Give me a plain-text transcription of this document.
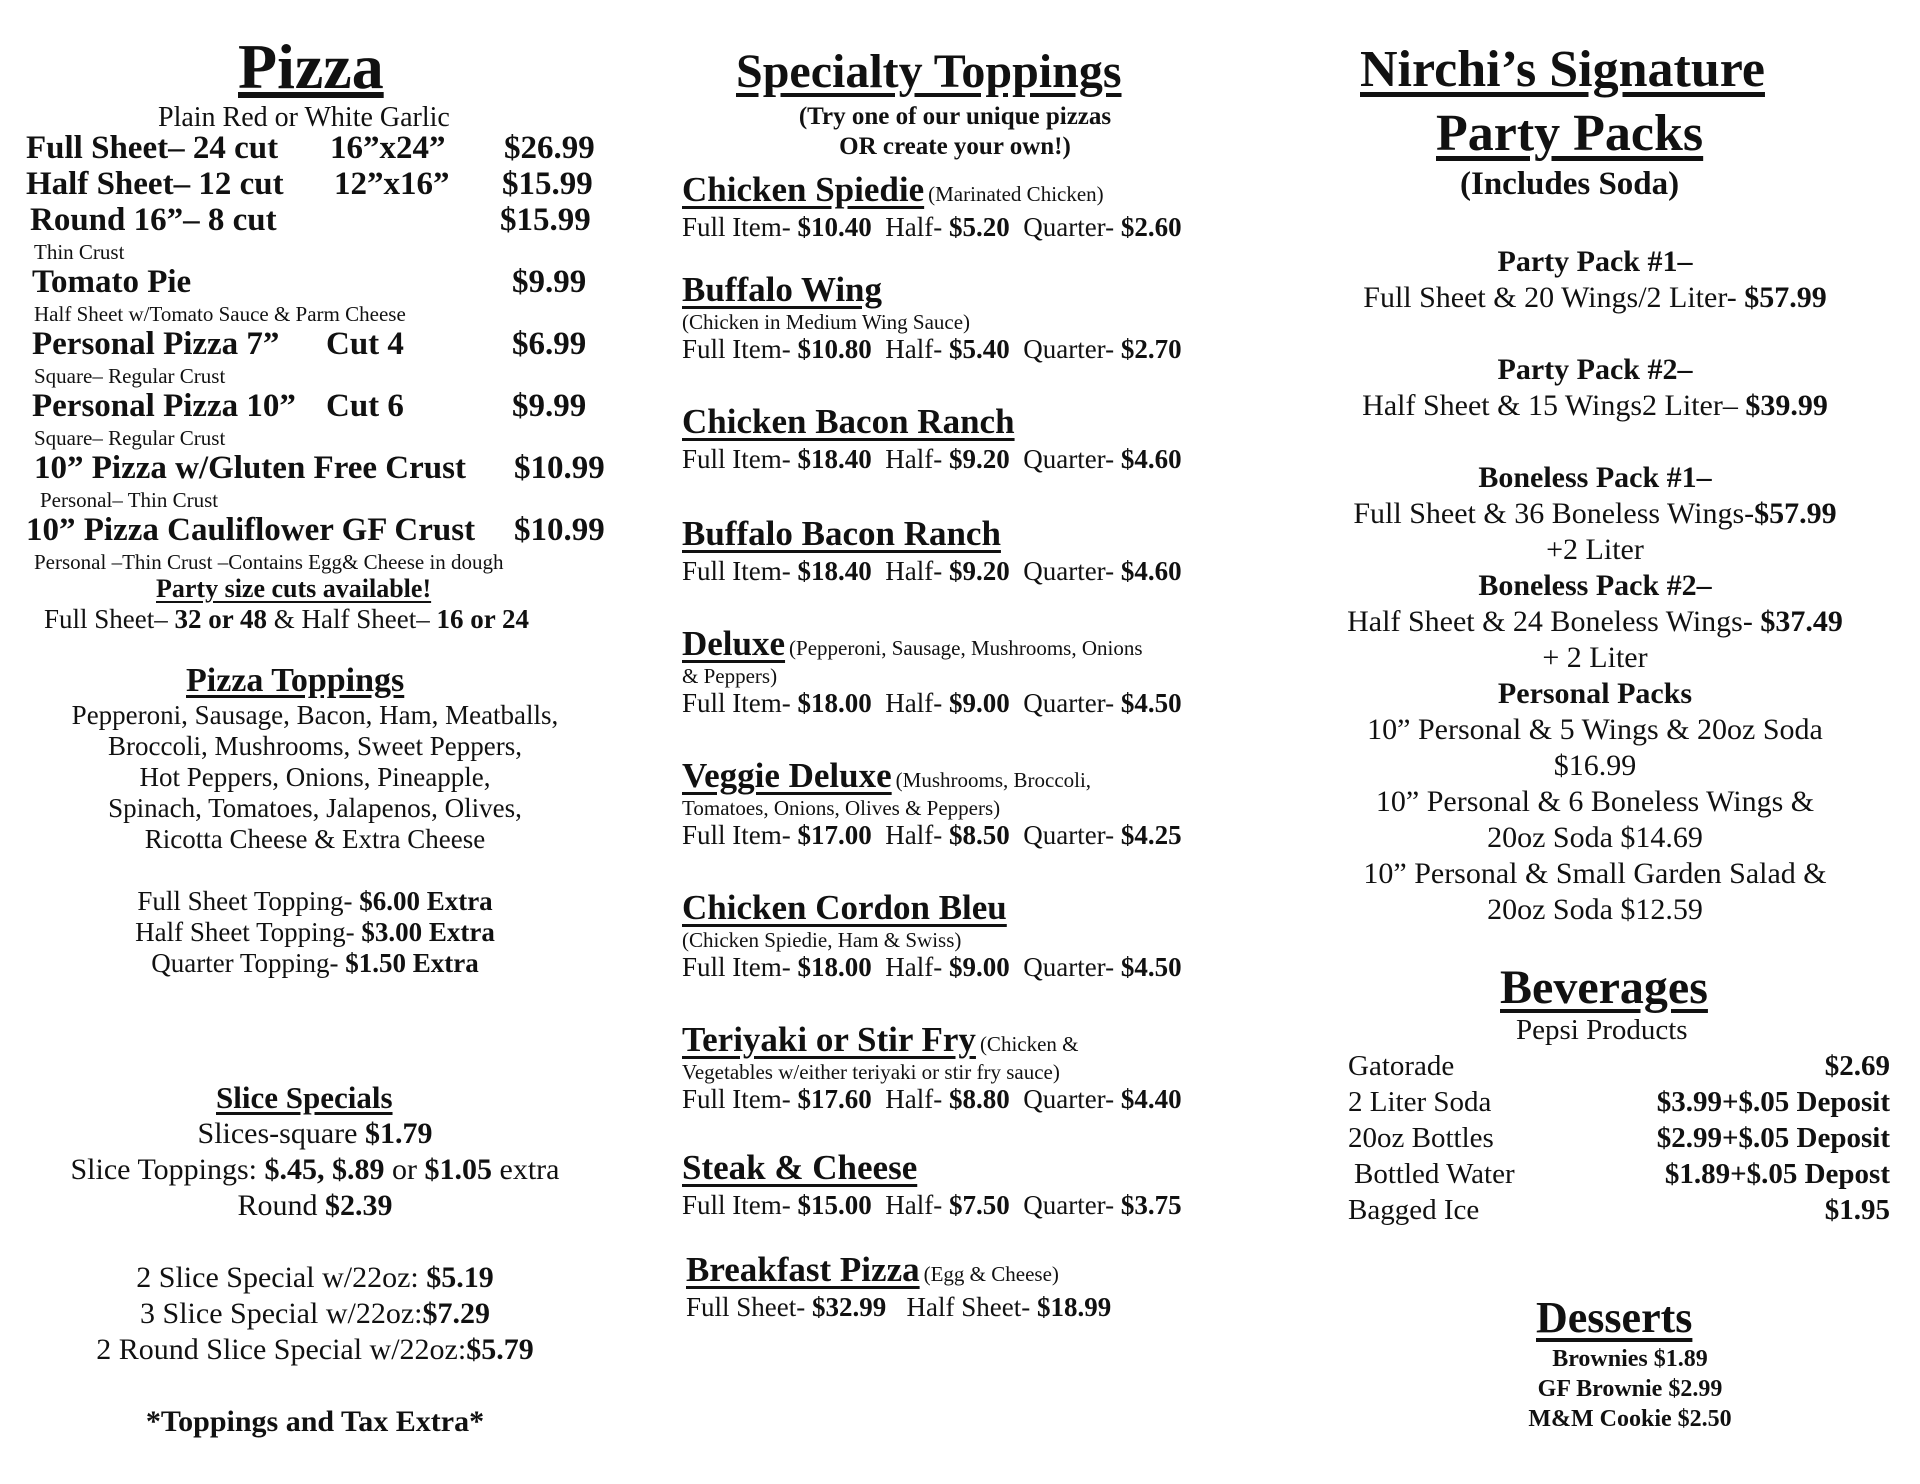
Pizza
Plain Red or White Garlic
Full Sheet– 24 cut 16”x24” $26.99
Half Sheet– 12 cut 12”x16” $15.99
Round 16”– 8 cut	$15.99
Thin Crust
Tomato Pie	$9.99
Half Sheet w/Tomato Sauce & Parm Cheese
Personal Pizza 7” Cut 4	$6.99
Square– Regular Crust
Personal Pizza 10” Cut 6	$9.99
Square– Regular Crust
10” Pizza w/Gluten Free Crust $10.99
Personal– Thin Crust
10” Pizza Cauliflower GF Crust $10.99
Personal –Thin Crust –Contains Egg& Cheese in dough
Party size cuts available!
Full Sheet– 32 or 48 & Half Sheet– 16 or 24
Pizza Toppings
Pepperoni, Sausage, Bacon, Ham, Meatballs,
Broccoli, Mushrooms, Sweet Peppers,
Hot Peppers, Onions, Pineapple,
Spinach, Tomatoes, Jalapenos, Olives,
Ricotta Cheese & Extra Cheese
Full Sheet Topping- $6.00 Extra
Half Sheet Topping- $3.00 Extra
Quarter Topping- $1.50 Extra
Slice Specials
Slices-square $1.79
Slice Toppings: $.45, $.89 or $1.05 extra
Round $2.39
2 Slice Special w/22oz: $5.19
3 Slice Special w/22oz:$7.29
2 Round Slice Special w/22oz:$5.79
*Toppings and Tax Extra*
Specialty Toppings
(Try one of our unique pizzas
OR create your own!)
Chicken Spiedie (Marinated Chicken)
Full Item- $10.40 Half- $5.20 Quarter- $2.60
Buffalo Wing
(Chicken in Medium Wing Sauce)
Full Item- $10.80 Half- $5.40 Quarter- $2.70
Chicken Bacon Ranch
Full Item- $18.40 Half- $9.20 Quarter- $4.60
Buffalo Bacon Ranch
Full Item- $18.40 Half- $9.20 Quarter- $4.60
Deluxe (Pepperoni, Sausage, Mushrooms, Onions
& Peppers)
Full Item- $18.00 Half- $9.00 Quarter- $4.50
Veggie Deluxe (Mushrooms, Broccoli,
Tomatoes, Onions, Olives & Peppers)
Full Item- $17.00 Half- $8.50 Quarter- $4.25
Chicken Cordon Bleu
(Chicken Spiedie, Ham & Swiss)
Full Item- $18.00 Half- $9.00 Quarter- $4.50
Teriyaki or Stir Fry (Chicken &
Vegetables w/either teriyaki or stir fry sauce)
Full Item- $17.60 Half- $8.80 Quarter- $4.40
Steak & Cheese
Full Item- $15.00 Half- $7.50 Quarter- $3.75
Breakfast Pizza (Egg & Cheese)
Full Sheet- $32.99 Half Sheet- $18.99
Nirchi’s Signature
Party Packs
(Includes Soda)
Party Pack #1–
Full Sheet & 20 Wings/2 Liter- $57.99
Party Pack #2–
Half Sheet & 15 Wings2 Liter– $39.99
Boneless Pack #1–
Full Sheet & 36 Boneless Wings-$57.99
+2 Liter
Boneless Pack #2–
Half Sheet & 24 Boneless Wings- $37.49
+ 2 Liter
Personal Packs
10” Personal & 5 Wings & 20oz Soda
$16.99
10” Personal & 6 Boneless Wings &
20oz Soda $14.69
10” Personal & Small Garden Salad &
20oz Soda $12.59
Beverages
Pepsi Products
Gatorade	$2.69
2 Liter Soda	$3.99+$.05 Deposit
20oz Bottles	$2.99+$.05 Deposit
Bottled Water	$1.89+$.05 Depost
Bagged Ice	$1.95
Desserts
Brownies $1.89
GF Brownie $2.99
M&M Cookie $2.50
